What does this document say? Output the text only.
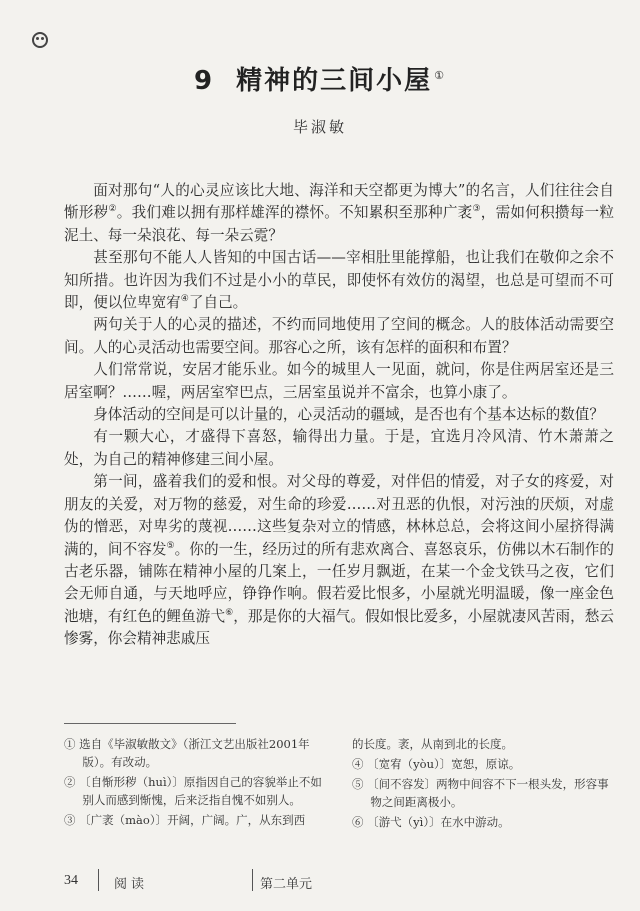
9 精神的三间小屋 ①
毕淑敏

面对那句“人的心灵应该比大地、海洋和天空都更为博大”的名言，人们往往会自惭形秽②。我们难以拥有那样雄浑的襟怀。不知累积至那种广袤③，需如何积攒每一粒泥土、每一朵浪花、每一朵云霓？

甚至那句不能人人皆知的中国古话——宰相肚里能撑船，也让我们在敬仰之余不知所措。也许因为我们不过是小小的草民，即使怀有效仿的渴望，也总是可望而不可即，便以位卑宽宥④了自己。

两句关于人的心灵的描述，不约而同地使用了空间的概念。人的肢体活动需要空间。人的心灵活动也需要空间。那容心之所，该有怎样的面积和布置？

人们常常说，安居才能乐业。如今的城里人一见面，就问，你是住两居室还是三居室啊？……喔，两居室窄巴点，三居室虽说并不富余，也算小康了。

身体活动的空间是可以计量的，心灵活动的疆域，是否也有个基本达标的数值？

有一颗大心，才盛得下喜怒，输得出力量。于是，宜选月冷风清、竹木萧萧之处，为自己的精神修建三间小屋。

第一间，盛着我们的爱和恨。对父母的尊爱，对伴侣的情爱，对子女的疼爱，对朋友的关爱，对万物的慈爱，对生命的珍爱……对丑恶的仇恨，对污浊的厌烦，对虚伪的憎恶，对卑劣的蔑视……这些复杂对立的情感，林林总总，会将这间小屋挤得满满的，间不容发⑤。你的一生，经历过的所有悲欢离合、喜怒哀乐，仿佛以木石制作的古老乐器，铺陈在精神小屋的几案上，一任岁月飘逝，在某一个金戈铁马之夜，它们会无师自通，与天地呼应，铮铮作响。假若爱比恨多，小屋就光明温暖，像一座金色池塘，有红色的鲤鱼游弋⑥，那是你的大福气。假如恨比爱多，小屋就凄风苦雨，愁云惨雾，你会精神悲戚压

① 选自《毕淑敏散文》（浙江文艺出版社2001年版）。有改动。
② 〔自惭形秽（huì）〕原指因自己的容貌举止不如别人而感到惭愧，后来泛指自愧不如别人。
③ 〔广袤（mào）〕开阔，广阔。广，从东到西
的长度。袤，从南到北的长度。
④ 〔宽宥（yòu）〕宽恕，原谅。
⑤ 〔间不容发〕两物中间容不下一根头发，形容事物之间距离极小。
⑥ 〔游弋（yì）〕在水中游动。
34	阅读	第二单元
